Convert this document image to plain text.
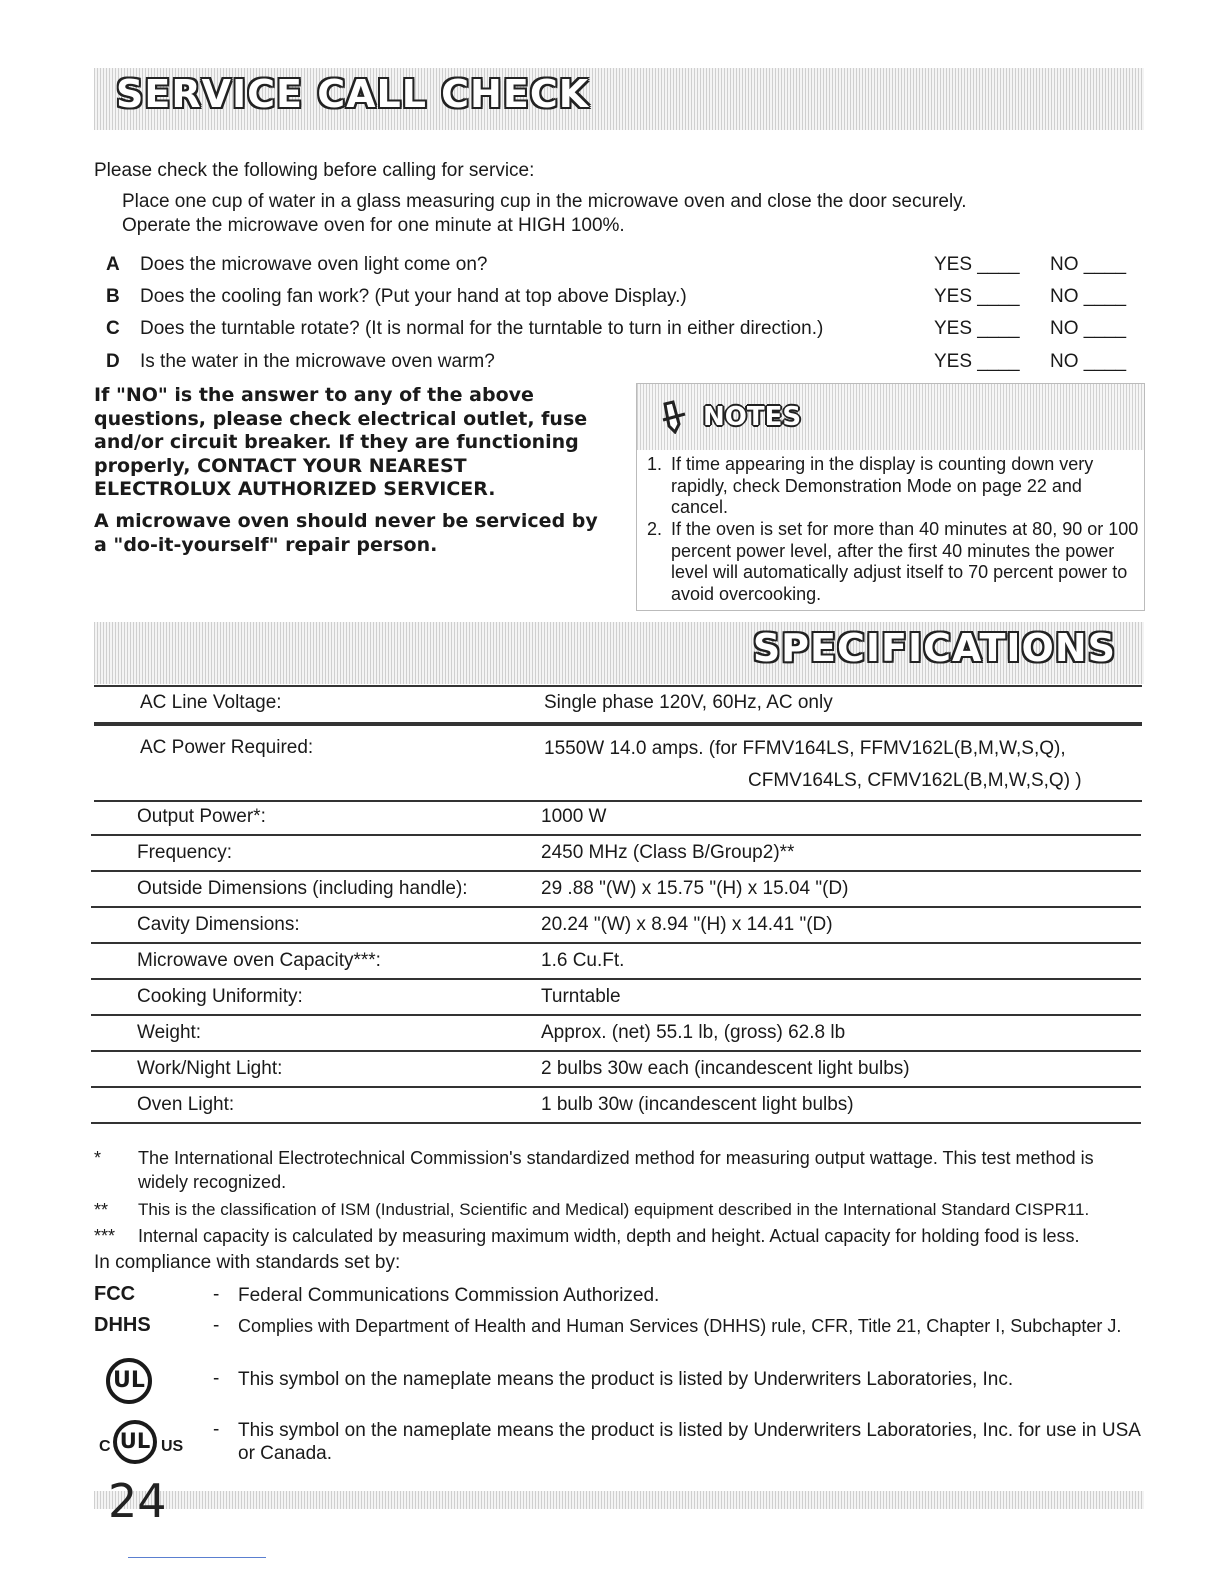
SERVICE CALL CHECK
Please check the following before calling for service:
Place one cup of water in a glass measuring cup in the microwave oven and close the door securely.
Operate the microwave oven for one minute at HIGH 100%.
A Does the microwave oven light come on?	YES ____ NO ____
B Does the cooling fan work? (Put your hand at top above Display.)	YES ____ NO ____
C Does the turntable rotate? (It is normal for the turntable to turn in either direction.)	YES ____ NO ____
D Is the water in the microwave oven warm?	YES ____ NO ____
If "NO" is the answer to any of the above questions, please check electrical outlet, fuse and/or circuit breaker. If they are functioning properly, CONTACT YOUR NEAREST ELECTROLUX AUTHORIZED SERVICER.
A microwave oven should never be serviced by a "do-it-yourself" repair person.
NOTES
1. If time appearing in the display is counting down very rapidly, check Demonstration Mode on page 22 and cancel.
2. If the oven is set for more than 40 minutes at 80, 90 or 100 percent power level, after the first 40 minutes the power level will automatically adjust itself to 70 percent power to avoid overcooking.
SPECIFICATIONS
AC Line Voltage:	Single phase 120V, 60Hz, AC only
AC Power Required:	1550W 14.0 amps. (for FFMV164LS, FFMV162L(B,M,W,S,Q),
CFMV164LS, CFMV162L(B,M,W,S,Q) )
Output Power*:	1000 W
Frequency:	2450 MHz (Class B/Group2)**
Outside Dimensions (including handle):	29 .88 "(W) x 15.75 "(H) x 15.04 "(D)
Cavity Dimensions:	20.24 "(W) x 8.94 "(H) x 14.41 "(D)
Microwave oven Capacity***:	1.6 Cu.Ft.
Cooking Uniformity:	Turntable
Weight:	Approx. (net) 55.1 lb, (gross) 62.8 lb
Work/Night Light:	2 bulbs 30w each (incandescent light bulbs)
Oven Light:	1 bulb 30w (incandescent light bulbs)
* The International Electrotechnical Commission's standardized method for measuring output wattage. This test method is widely recognized.
** This is the classification of ISM (Industrial, Scientific and Medical) equipment described in the International Standard CISPR11.
*** Internal capacity is calculated by measuring maximum width, depth and height. Actual capacity for holding food is less.
In compliance with standards set by:
FCC	- Federal Communications Commission Authorized.
DHHS	- Complies with Department of Health and Human Services (DHHS) rule, CFR, Title 21, Chapter I, Subchapter J.
UL	- This symbol on the nameplate means the product is listed by Underwriters Laboratories, Inc.
C UL US
- This symbol on the nameplate means the product is listed by Underwriters Laboratories, Inc. for use in USA or Canada.
24
